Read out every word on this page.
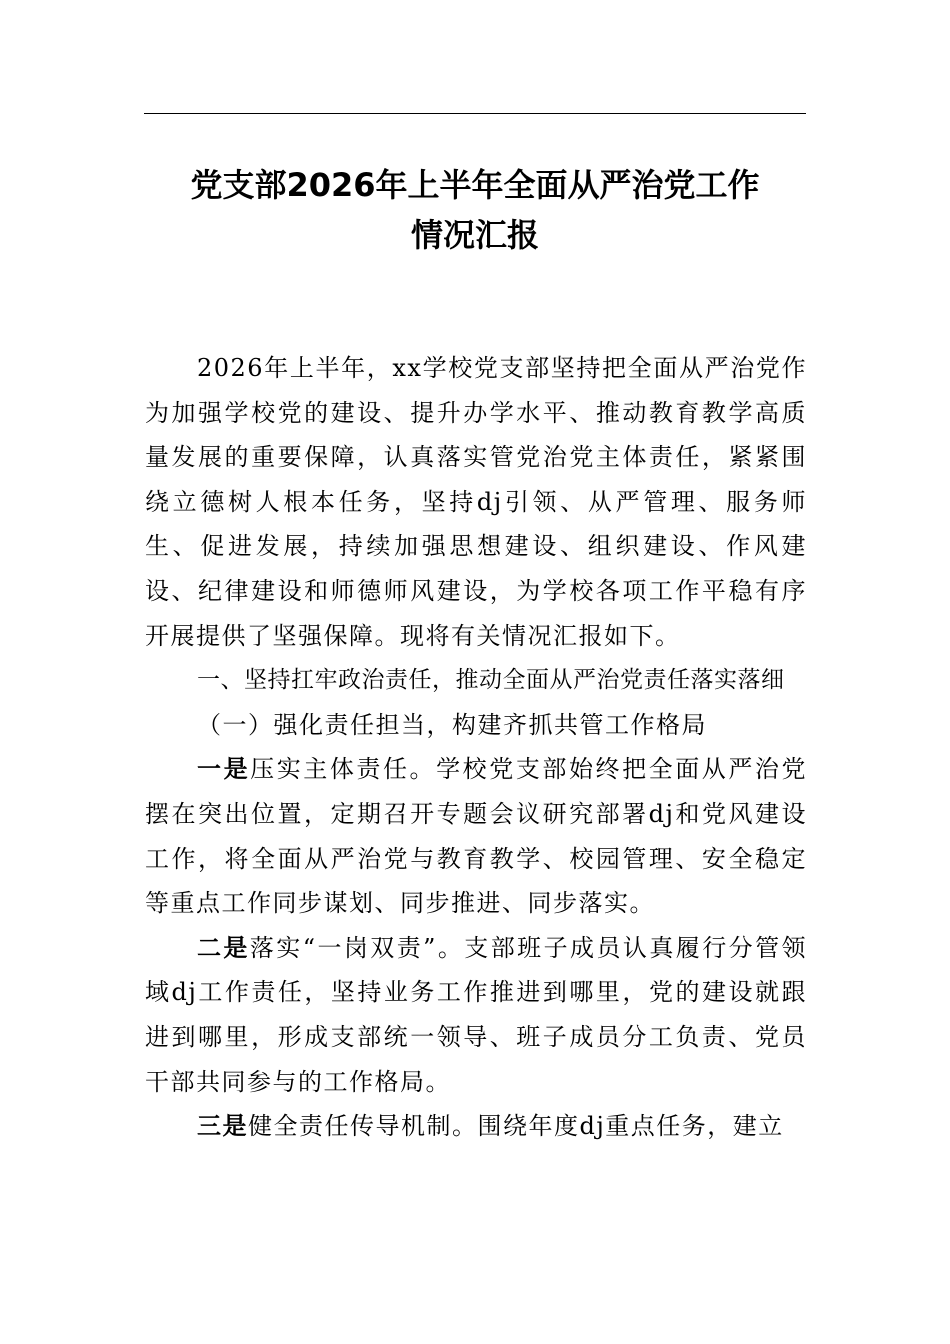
党支部2026年上半年全面从严治党工作
情况汇报

2026年上半年，xx学校党支部坚持把全面从严治党作为加强学校党的建设、提升办学水平、推动教育教学高质量发展的重要保障，认真落实管党治党主体责任，紧紧围绕立德树人根本任务，坚持dj引领、从严管理、服务师生、促进发展，持续加强思想建设、组织建设、作风建设、纪律建设和师德师风建设，为学校各项工作平稳有序开展提供了坚强保障。现将有关情况汇报如下。

一、坚持扛牢政治责任，推动全面从严治党责任落实落细

（一）强化责任担当，构建齐抓共管工作格局

一是压实主体责任。学校党支部始终把全面从严治党摆在突出位置，定期召开专题会议研究部署dj和党风建设工作，将全面从严治党与教育教学、校园管理、安全稳定等重点工作同步谋划、同步推进、同步落实。

二是落实“一岗双责”。支部班子成员认真履行分管领域dj工作责任，坚持业务工作推进到哪里，党的建设就跟进到哪里，形成支部统一领导、班子成员分工负责、党员干部共同参与的工作格局。

三是健全责任传导机制。围绕年度dj重点任务，建立
